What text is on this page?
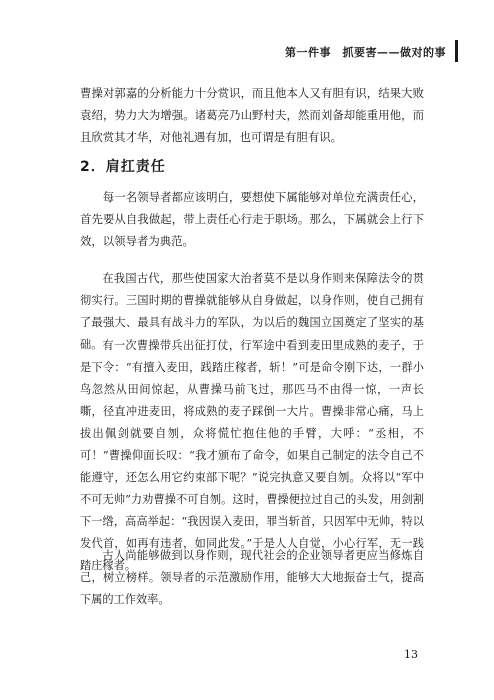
第一件事　抓要害——做对的事
曹操对郭嘉的分析能力十分赏识，而且他本人又有胆有识，结果大败袁绍，势力大为增强。诸葛亮乃山野村夫，然而刘备却能重用他，而且欣赏其才华，对他礼遇有加，也可谓是有胆有识。
2．肩扛责任
每一名领导者都应该明白，要想使下属能够对单位充满责任心，首先要从自我做起，带上责任心行走于职场。那么，下属就会上行下效，以领导者为典范。

在我国古代，那些使国家大治者莫不是以身作则来保障法令的贯彻实行。三国时期的曹操就能够从自身做起，以身作则，使自己拥有了最强大、最具有战斗力的军队，为以后的魏国立国奠定了坚实的基础。 有一次曹操带兵出征打仗，行军途中看到麦田里成熟的麦子，于是下令：“有擅入麦田，践踏庄稼者，斩！”可是命令刚下达，一群小鸟忽然从田间惊起，从曹操马前飞过，那匹马不由得一惊，一声长嘶，径直冲进麦田，将成熟的麦子踩倒一大片。曹操非常心痛，马上拔出佩剑就要自刎，众将慌忙抱住他的手臂，大呼：“丞相，不可！”曹操仰面长叹：“我才颁布了命令，如果自己制定的法令自己不能遵守，还怎么用它约束部下呢？”说完执意又要自刎。众将以“军中不可无帅”力劝曹操不可自刎。这时，曹操便拉过自己的头发，用剑割下一绺，高高举起：“我因误入麦田，罪当斩首，只因军中无帅，特以发代首，如再有违者，如同此发。”于是人人自觉，小心行军，无一践踏庄稼者。

古人尚能够做到以身作则，现代社会的企业领导者更应当修炼自己，树立榜样。领导者的示范激励作用，能够大大地振奋士气，提高下属的工作效率。

13
